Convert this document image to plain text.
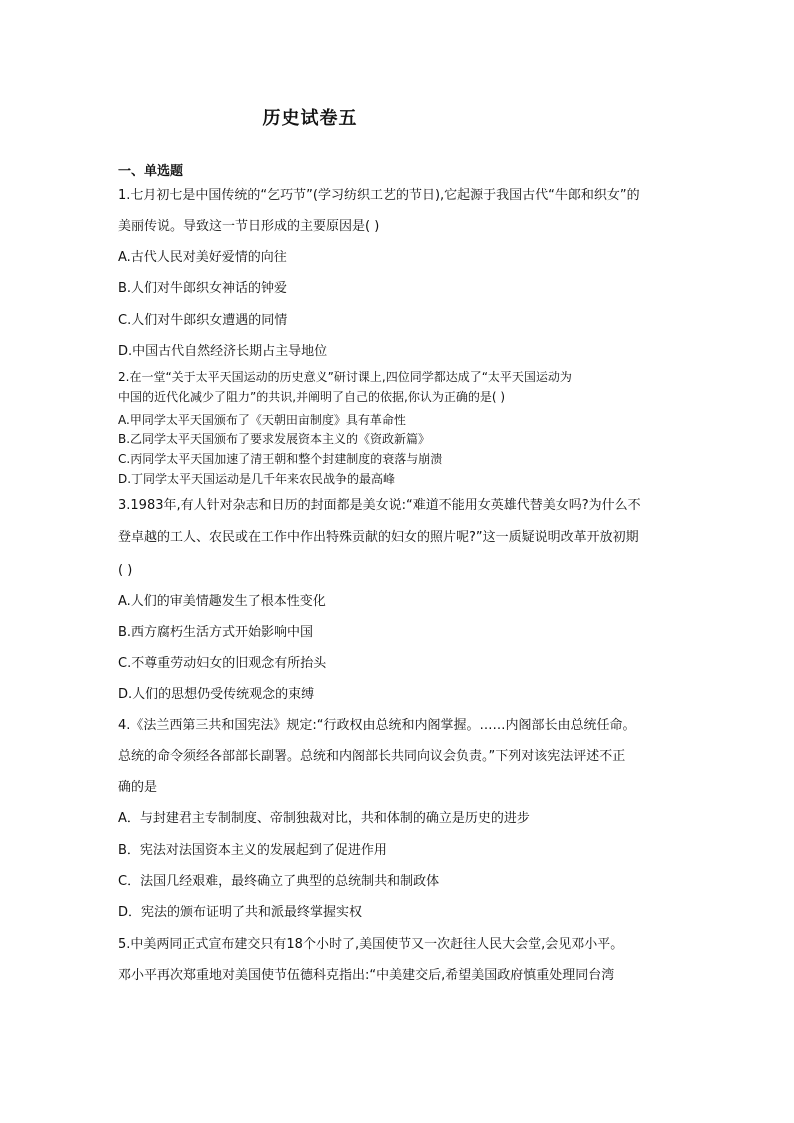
历史试卷五
一、单选题
1.七月初七是中国传统的“乞巧节”(学习纺织工艺的节日),它起源于我国古代“牛郎和织女”的
美丽传说。导致这一节日形成的主要原因是( )
A.古代人民对美好爱情的向往
B.人们对牛郎织女神话的钟爱
C.人们对牛郎织女遭遇的同情
D.中国古代自然经济长期占主导地位
2.在一堂“关于太平天国运动的历史意义”研讨课上,四位同学都达成了“太平天国运动为
中国的近代化减少了阻力”的共识,并阐明了自己的依据,你认为正确的是( )
A.甲同学太平天国颁布了《天朝田亩制度》具有革命性
B.乙同学太平天国颁布了要求发展资本主义的《资政新篇》
C.丙同学太平天国加速了清王朝和整个封建制度的衰落与崩溃
D.丁同学太平天国运动是几千年来农民战争的最高峰
3.1983年,有人针对杂志和日历的封面都是美女说:“难道不能用女英雄代替美女吗?为什么不
登卓越的工人、农民或在工作中作出特殊贡献的妇女的照片呢?”这一质疑说明改革开放初期
( )
A.人们的审美情趣发生了根本性变化
B.西方腐朽生活方式开始影响中国
C.不尊重劳动妇女的旧观念有所抬头
D.人们的思想仍受传统观念的束缚
4.《法兰西第三共和国宪法》规定:“行政权由总统和内阁掌握。……内阁部长由总统任命。
总统的命令须经各部部长副署。总统和内阁部长共同向议会负责。”下列对该宪法评述不正
确的是
A．与封建君主专制制度、帝制独裁对比，共和体制的确立是历史的进步
B．宪法对法国资本主义的发展起到了促进作用
C．法国几经艰难，最终确立了典型的总统制共和制政体
D．宪法的颁布证明了共和派最终掌握实权
5.中美两同正式宣布建交只有18个小时了,美国使节又一次赶往人民大会堂,会见邓小平。
邓小平再次郑重地对美国使节伍德科克指出:“中美建交后,希望美国政府慎重处理同台湾
